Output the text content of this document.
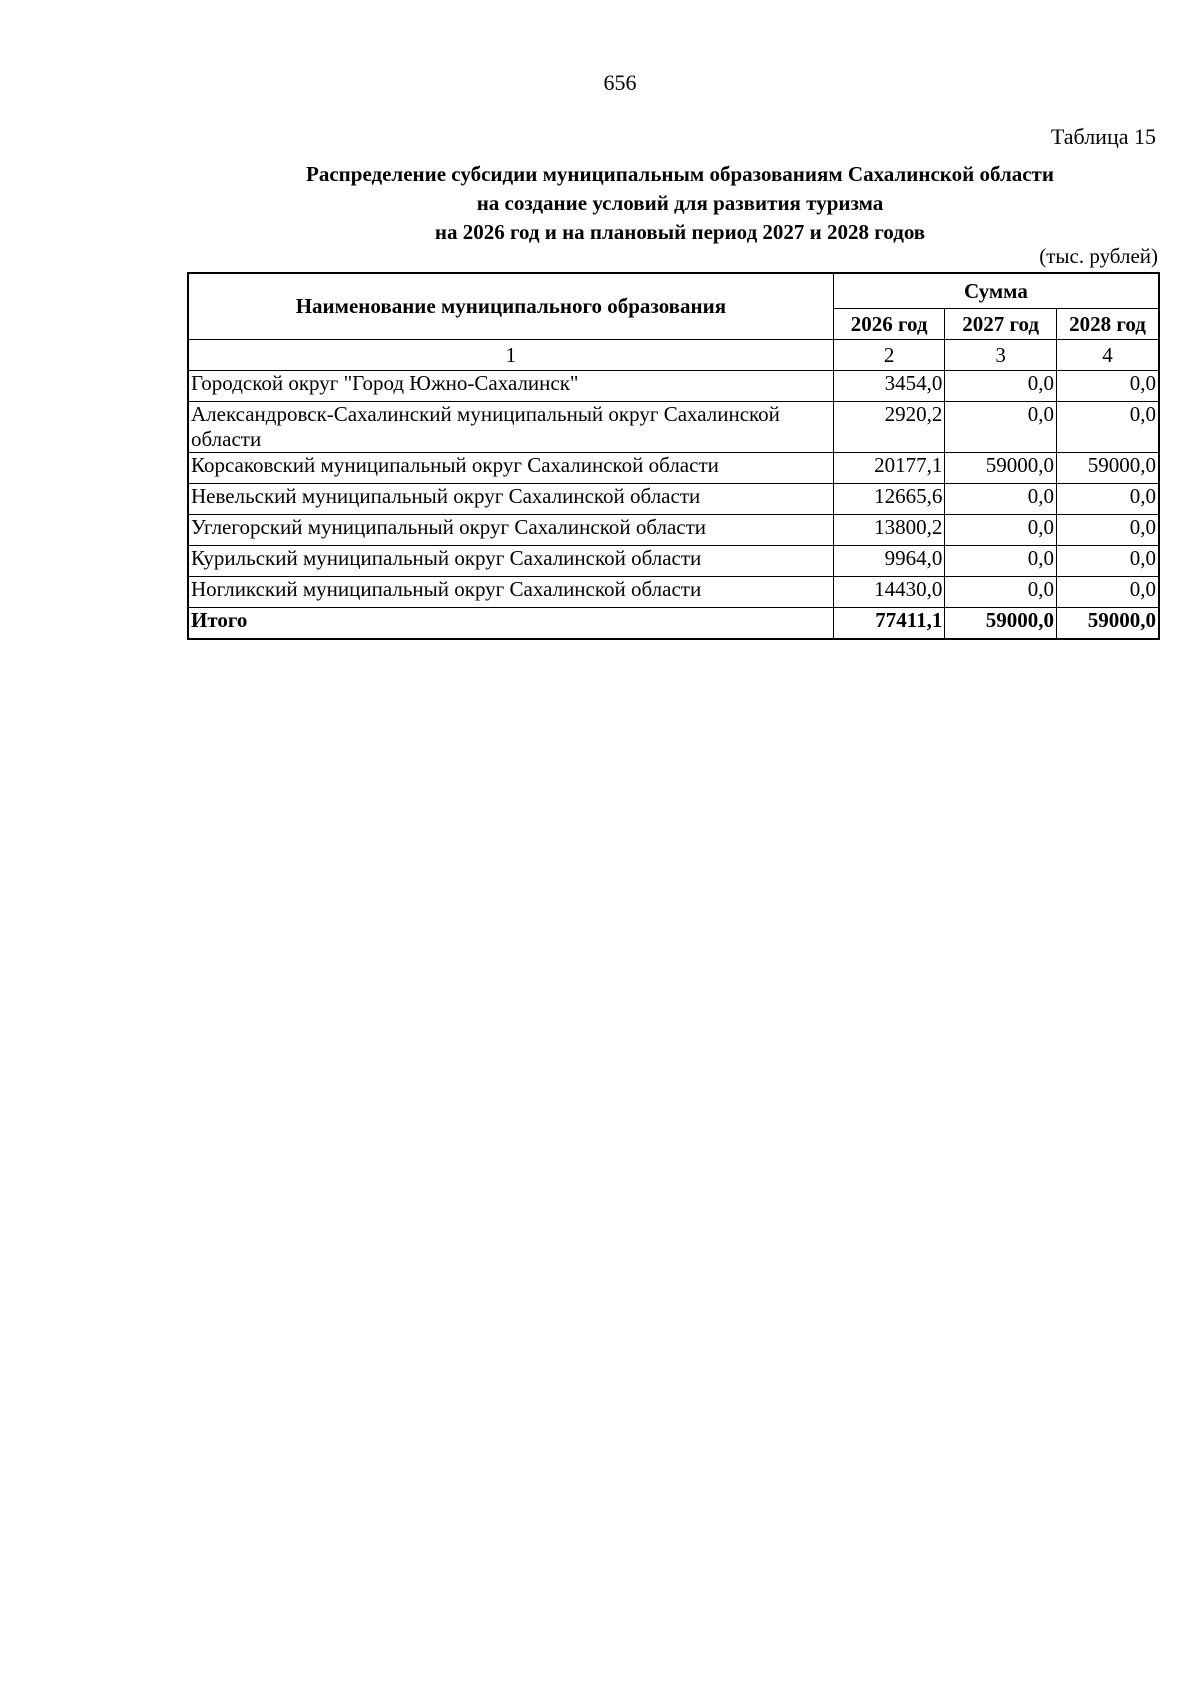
656
Таблица 15
Распределение субсидии муниципальным образованиям Сахалинской области
на создание условий для развития туризма
на 2026 год и на плановый период 2027 и 2028 годов
(тыс. рублей)
Наименование муниципального образования	Сумма		
	2026 год	2027 год	2028 год
1	2	3	4
Городской округ "Город Южно-Сахалинск"	3454,0	0,0	0,0
Александровск-Сахалинский муниципальный округ Сахалинской области	2920,2	0,0	0,0
Корсаковский муниципальный округ Сахалинской области	20177,1	59000,0	59000,0
Невельский муниципальный округ Сахалинской области	12665,6	0,0	0,0
Углегорский муниципальный округ Сахалинской области	13800,2	0,0	0,0
Курильский муниципальный округ Сахалинской области	9964,0	0,0	0,0
Ногликский муниципальный округ Сахалинской области	14430,0	0,0	0,0
Итого	77411,1	59000,0	59000,0
